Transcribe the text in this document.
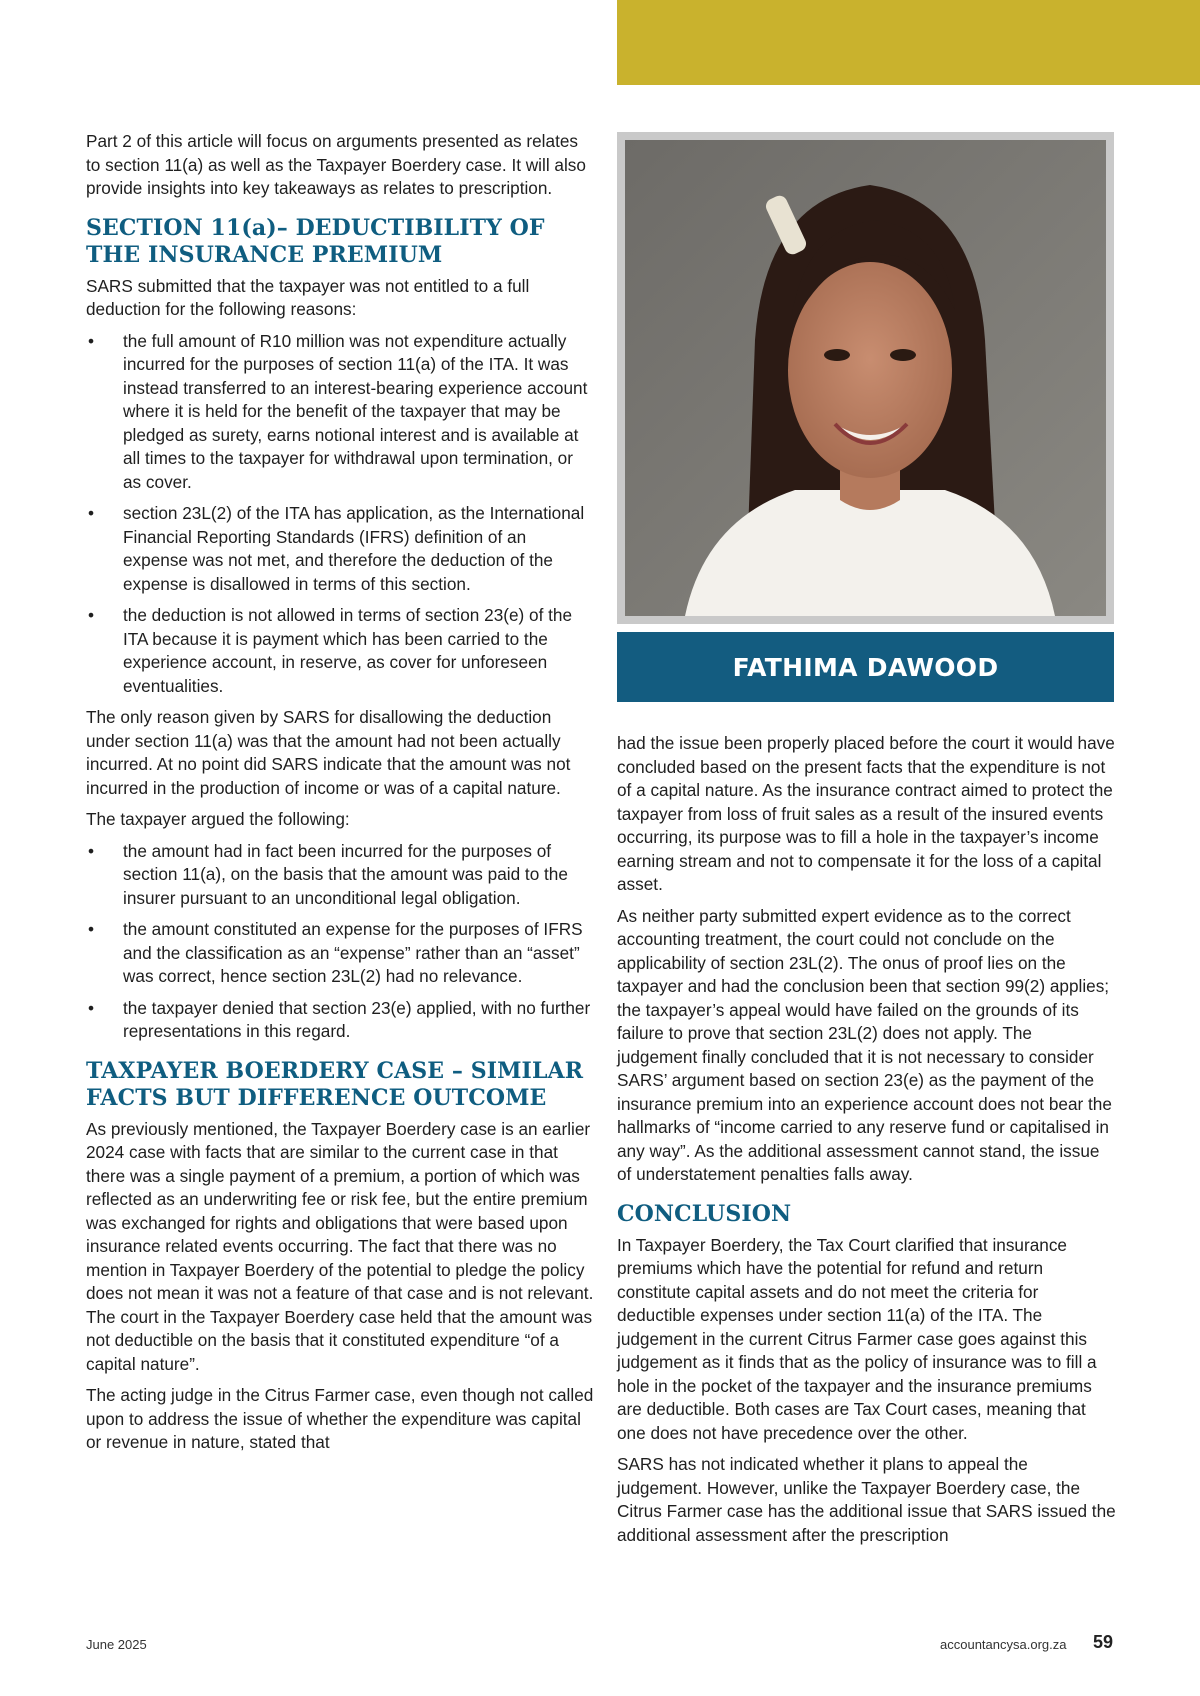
Part 2 of this article will focus on arguments presented as relates to section 11(a) as well as the Taxpayer Boerdery case. It will also provide insights into key takeaways as relates to prescription.

SECTION 11(a)– DEDUCTIBILITY OF THE INSURANCE PREMIUM

SARS submitted that the taxpayer was not entitled to a full deduction for the following reasons:

• the full amount of R10 million was not expenditure actually incurred for the purposes of section 11(a) of the ITA. It was instead transferred to an interest-bearing experience account where it is held for the benefit of the taxpayer that may be pledged as surety, earns notional interest and is available at all times to the taxpayer for withdrawal upon termination, or as cover.
• section 23L(2) of the ITA has application, as the International Financial Reporting Standards (IFRS) definition of an expense was not met, and therefore the deduction of the expense is disallowed in terms of this section.
• the deduction is not allowed in terms of section 23(e) of the ITA because it is payment which has been carried to the experience account, in reserve, as cover for unforeseen eventualities.

The only reason given by SARS for disallowing the deduction under section 11(a) was that the amount had not been actually incurred. At no point did SARS indicate that the amount was not incurred in the production of income or was of a capital nature.

The taxpayer argued the following:

• the amount had in fact been incurred for the purposes of section 11(a), on the basis that the amount was paid to the insurer pursuant to an unconditional legal obligation.
• the amount constituted an expense for the purposes of IFRS and the classification as an “expense” rather than an “asset” was correct, hence section 23L(2) had no relevance.
• the taxpayer denied that section 23(e) applied, with no further representations in this regard.
TAXPAYER BOERDERY CASE – SIMILAR FACTS BUT DIFFERENCE OUTCOME

As previously mentioned, the Taxpayer Boerdery case is an earlier 2024 case with facts that are similar to the current case in that there was a single payment of a premium, a portion of which was reflected as an underwriting fee or risk fee, but the entire premium was exchanged for rights and obligations that were based upon insurance related events occurring. The fact that there was no mention in Taxpayer Boerdery of the potential to pledge the policy does not mean it was not a feature of that case and is not relevant. The court in the Taxpayer Boerdery case held that the amount was not deductible on the basis that it constituted expenditure “of a capital nature”.

The acting judge in the Citrus Farmer case, even though not called upon to address the issue of whether the expenditure was capital or revenue in nature, stated that

FATHIMA DAWOOD

had the issue been properly placed before the court it would have concluded based on the present facts that the expenditure is not of a capital nature. As the insurance contract aimed to protect the taxpayer from loss of fruit sales as a result of the insured events occurring, its purpose was to fill a hole in the taxpayer’s income earning stream and not to compensate it for the loss of a capital asset.

As neither party submitted expert evidence as to the correct accounting treatment, the court could not conclude on the applicability of section 23L(2). The onus of proof lies on the taxpayer and had the conclusion been that section 99(2) applies; the taxpayer’s appeal would have failed on the grounds of its failure to prove that section 23L(2) does not apply. The judgement finally concluded that it is not necessary to consider SARS’ argument based on section 23(e) as the payment of the insurance premium into an experience account does not bear the hallmarks of “income carried to any reserve fund or capitalised in any way”. As the additional assessment cannot stand, the issue of understatement penalties falls away.

CONCLUSION

In Taxpayer Boerdery, the Tax Court clarified that insurance premiums which have the potential for refund and return constitute capital assets and do not meet the criteria for deductible expenses under section 11(a) of the ITA. The judgement in the current Citrus Farmer case goes against this judgement as it finds that as the policy of insurance was to fill a hole in the pocket of the taxpayer and the insurance premiums are deductible. Both cases are Tax Court cases, meaning that one does not have precedence over the other.

SARS has not indicated whether it plans to appeal the judgement. However, unlike the Taxpayer Boerdery case, the Citrus Farmer case has the additional issue that SARS issued the additional assessment after the prescription

June 2025	accountancysa.org.za 59
